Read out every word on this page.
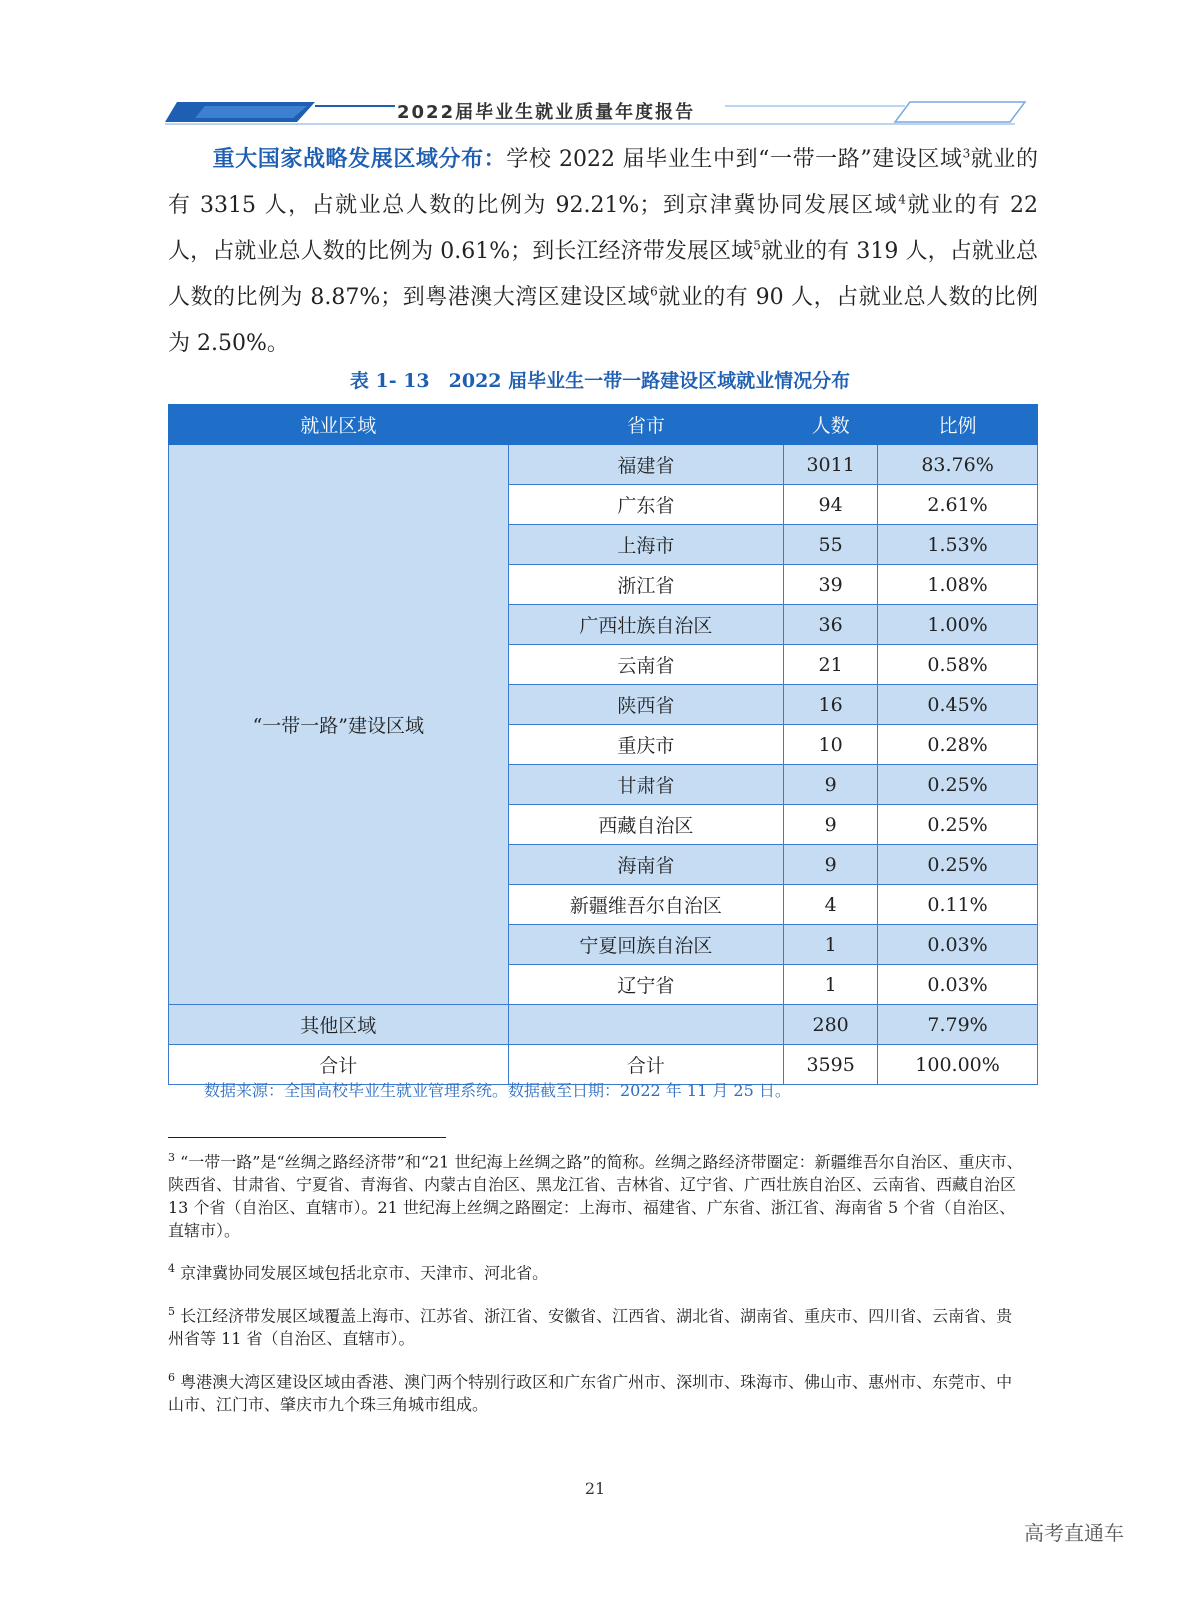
2022届毕业生就业质量年度报告
重大国家战略发展区域分布：学校 2022 届毕业生中到“一带一路”建设区域$^3$就业的有 3315 人，占就业总人数的比例为 92.21%；到京津冀协同发展区域$^4$就业的有 22 人，占就业总人数的比例为 0.61%；到长江经济带发展区域$^5$就业的有 319 人，占就业总人数的比例为 8.87%；到粤港澳大湾区建设区域$^6$就业的有 90 人，占就业总人数的比例为 2.50%。
表 1- 13　2022 届毕业生一带一路建设区域就业情况分布
就业区域	省市	人数	比例
“一带一路”建设区域	福建省	3011	83.76%
	广东省	94	2.61%
	上海市	55	1.53%
	浙江省	39	1.08%
	广西壮族自治区	36	1.00%
	云南省	21	0.58%
	陕西省	16	0.45%
	重庆市	10	0.28%
	甘肃省	9	0.25%
	西藏自治区	9	0.25%
	海南省	9	0.25%
	新疆维吾尔自治区	4	0.11%
	宁夏回族自治区	1	0.03%
	辽宁省	1	0.03%
其他区域		280	7.79%
合计	合计	3595	100.00%
数据来源：全国高校毕业生就业管理系统。数据截至日期：2022 年 11 月 25 日。
$^3$ “一带一路”是“丝绸之路经济带”和“21 世纪海上丝绸之路”的简称。丝绸之路经济带圈定：新疆维吾尔自治区、重庆市、陕西省、甘肃省、宁夏省、青海省、内蒙古自治区、黑龙江省、吉林省、辽宁省、广西壮族自治区、云南省、西藏自治区 13 个省（自治区、直辖市）。21 世纪海上丝绸之路圈定：上海市、福建省、广东省、浙江省、海南省 5 个省（自治区、直辖市）。
$^4$ 京津冀协同发展区域包括北京市、天津市、河北省。
$^5$ 长江经济带发展区域覆盖上海市、江苏省、浙江省、安徽省、江西省、湖北省、湖南省、重庆市、四川省、云南省、贵州省等 11 省（自治区、直辖市）。
$^6$ 粤港澳大湾区建设区域由香港、澳门两个特别行政区和广东省广州市、深圳市、珠海市、佛山市、惠州市、东莞市、中山市、江门市、肇庆市九个珠三角城市组成。
21
高考直通车
